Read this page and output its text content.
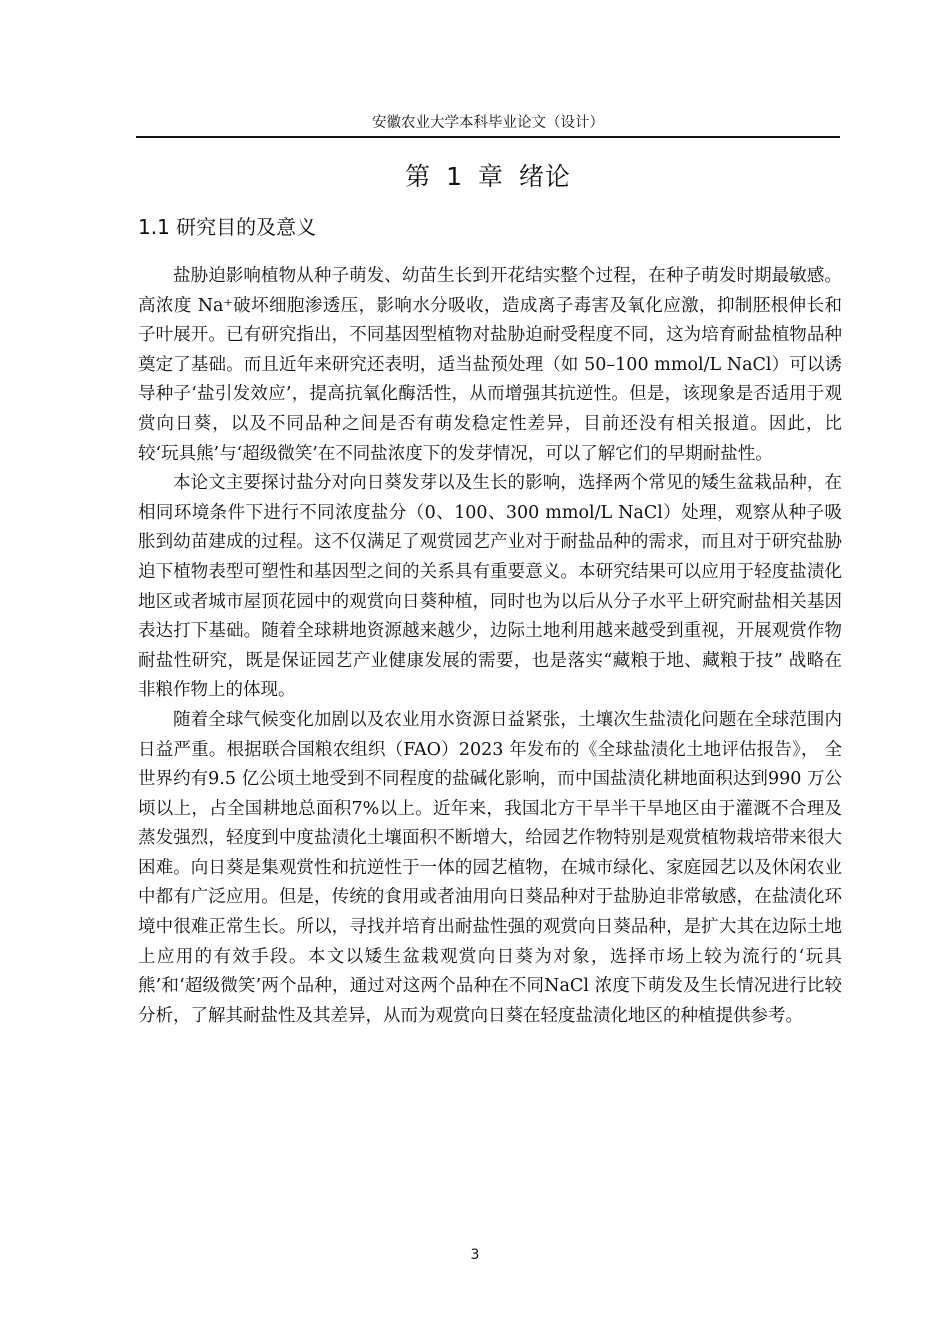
安徽农业大学本科毕业论文（设计）
第 1 章 绪论
1.1 研究目的及意义

盐胁迫影响植物从种子萌发、幼苗生长到开花结实整个过程，在种子萌发时期最敏感。高浓度 Na⁺破坏细胞渗透压，影响水分吸收，造成离子毒害及氧化应激，抑制胚根伸长和子叶展开。已有研究指出，不同基因型植物对盐胁迫耐受程度不同，这为培育耐盐植物品种奠定了基础。而且近年来研究还表明，适当盐预处理（如 50–100 mmol/L NaCl）可以诱导种子‘盐引发效应’，提高抗氧化酶活性，从而增强其抗逆性。但是，该现象是否适用于观赏向日葵，以及不同品种之间是否有萌发稳定性差异，目前还没有相关报道。因此，比较‘玩具熊’与‘超级微笑’在不同盐浓度下的发芽情况，可以了解它们的早期耐盐性。

本论文主要探讨盐分对向日葵发芽以及生长的影响，选择两个常见的矮生盆栽品种，在相同环境条件下进行不同浓度盐分（0、100、300 mmol/L NaCl）处理，观察从种子吸胀到幼苗建成的过程。这不仅满足了观赏园艺产业对于耐盐品种的需求，而且对于研究盐胁迫下植物表型可塑性和基因型之间的关系具有重要意义。本研究结果可以应用于轻度盐渍化地区或者城市屋顶花园中的观赏向日葵种植，同时也为以后从分子水平上研究耐盐相关基因表达打下基础。随着全球耕地资源越来越少，边际土地利用越来越受到重视，开展观赏作物耐盐性研究，既是保证园艺产业健康发展的需要，也是落实“藏粮于地、藏粮于技” 战略在非粮作物上的体现。

随着全球气候变化加剧以及农业用水资源日益紧张，土壤次生盐渍化问题在全球范围内日益严重。根据联合国粮农组织（FAO）2023 年发布的《全球盐渍化土地评估报告》， 全世界约有9.5 亿公顷土地受到不同程度的盐碱化影响，而中国盐渍化耕地面积达到990 万公顷以上，占全国耕地总面积7%以上。近年来，我国北方干旱半干旱地区由于灌溉不合理及蒸发强烈，轻度到中度盐渍化土壤面积不断增大，给园艺作物特别是观赏植物栽培带来很大困难。向日葵是集观赏性和抗逆性于一体的园艺植物，在城市绿化、家庭园艺以及休闲农业中都有广泛应用。但是，传统的食用或者油用向日葵品种对于盐胁迫非常敏感，在盐渍化环境中很难正常生长。所以，寻找并培育出耐盐性强的观赏向日葵品种，是扩大其在边际土地上应用的有效手段。本文以矮生盆栽观赏向日葵为对象，选择市场上较为流行的‘玩具熊’和‘超级微笑’两个品种，通过对这两个品种在不同NaCl 浓度下萌发及生长情况进行比较分析，了解其耐盐性及其差异，从而为观赏向日葵在轻度盐渍化地区的种植提供参考。

3
